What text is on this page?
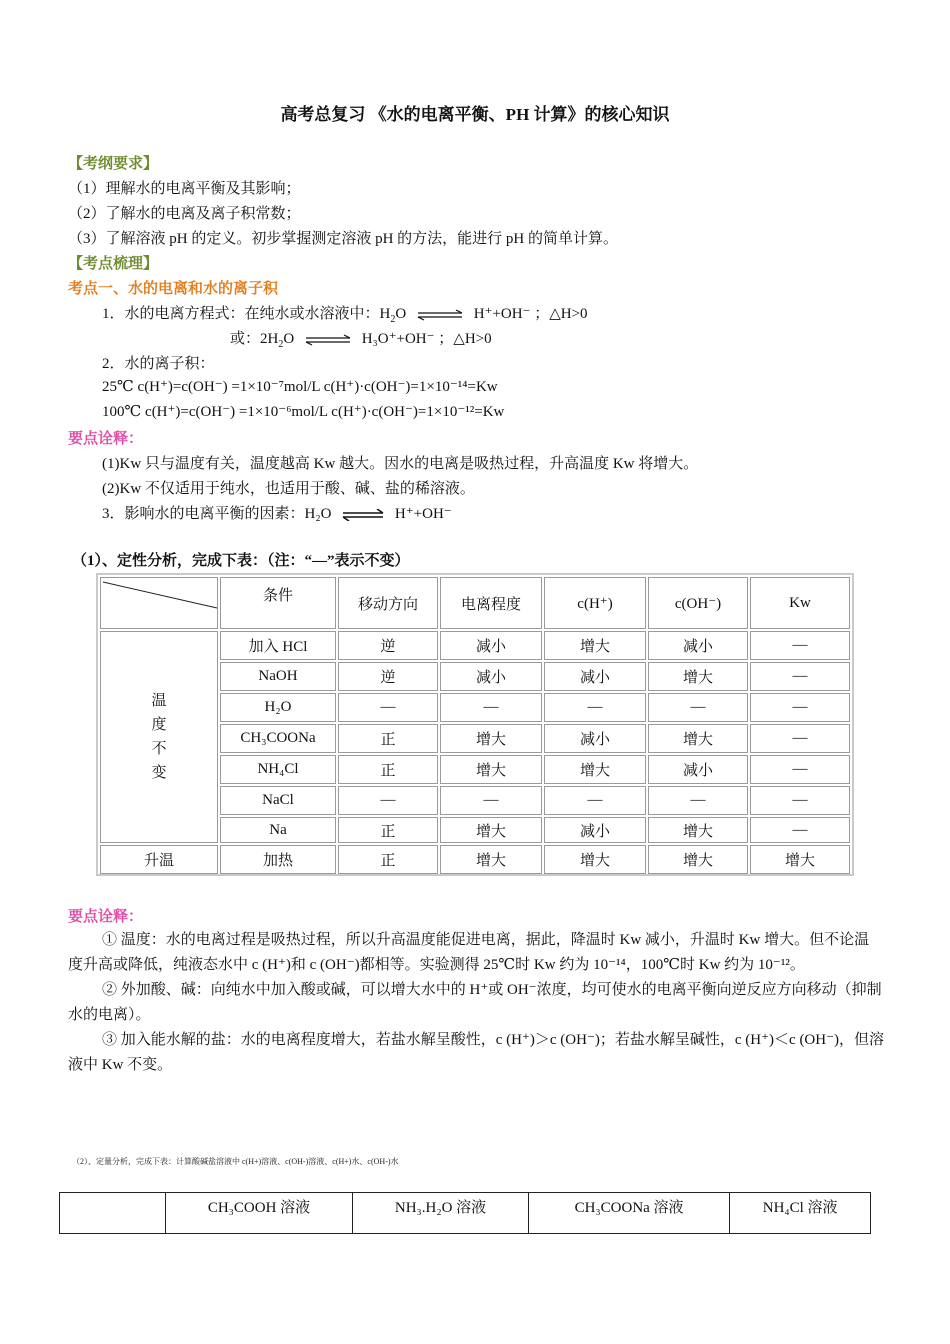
高考总复习 《水的电离平衡、PH 计算》的核心知识
【考纲要求】
（1）理解水的电离平衡及其影响；
（2）了解水的电离及离子积常数；
（3）了解溶液 pH 的定义。初步掌握测定溶液 pH 的方法，能进行 pH 的简单计算。
【考点梳理】
考点一、水的电离和水的离子积
1．水的电离方程式：在纯水或水溶液中：$H_2O$ ⇌ H⁺+OH⁻ ；△H>0
或：$2H_2O$ ⇌ H₃O⁺+OH⁻ ；△H>0
2．水的离子积：
25℃ c(H⁺)=c(OH⁻) =1×10⁻⁷mol/L c(H⁺)·c(OH⁻)=1×10⁻¹⁴=Kw
100℃ c(H⁺)=c(OH⁻) =1×10⁻⁶mol/L c(H⁺)·c(OH⁻)=1×10⁻¹²=Kw
要点诠释：
(1)Kw 只与温度有关，温度越高 Kw 越大。因水的电离是吸热过程，升高温度 Kw 将增大。
(2)Kw 不仅适用于纯水，也适用于酸、碱、盐的稀溶液。
3．影响水的电离平衡的因素：H₂O ⇌ H⁺+OH⁻
（1）、定性分析，完成下表：（注：“—”表示不变）
条件
移动方向	电离程度	c(H⁺)	c(OH⁻)	Kw
温
度
不
变
加入 HCl	逆	减小	增大	减小	—
NaOH	逆	减小	减小	增大	—
H₂O	—	—	—	—	—
CH₃COONa	正	增大	减小	增大	—
NH₄Cl	正	增大	增大	减小	—
NaCl	—	—	—	—	—
Na	正	增大	减小	增大	—
升温	加热	正	增大	增大	增大	增大
要点诠释：
① 温度：水的电离过程是吸热过程，所以升高温度能促进电离，据此，降温时 Kw 减小，升温时 Kw 增大。但不论温度升高或降低，纯液态水中 c (H⁺)和 c (OH⁻)都相等。实验测得 25℃时 Kw 约为 10⁻¹⁴，100℃时 Kw 约为 10⁻¹²。
② 外加酸、碱：向纯水中加入酸或碱，可以增大水中的 H⁺或 OH⁻浓度，均可使水的电离平衡向逆反应方向移动（抑制水的电离）。
③ 加入能水解的盐：水的电离程度增大，若盐水解呈酸性，c (H⁺)＞c (OH⁻)；若盐水解呈碱性，c (H⁺)＜c (OH⁻)，但溶液中 Kw 不变。
（2）、定量分析，完成下表：计算酸碱盐溶液中 c(H+)溶液、c(OH-)溶液、c(H+)水、c(OH-)水
CH₃COOH 溶液	NH₃.H₂O 溶液	CH₃COONa 溶液	NH₄Cl 溶液
